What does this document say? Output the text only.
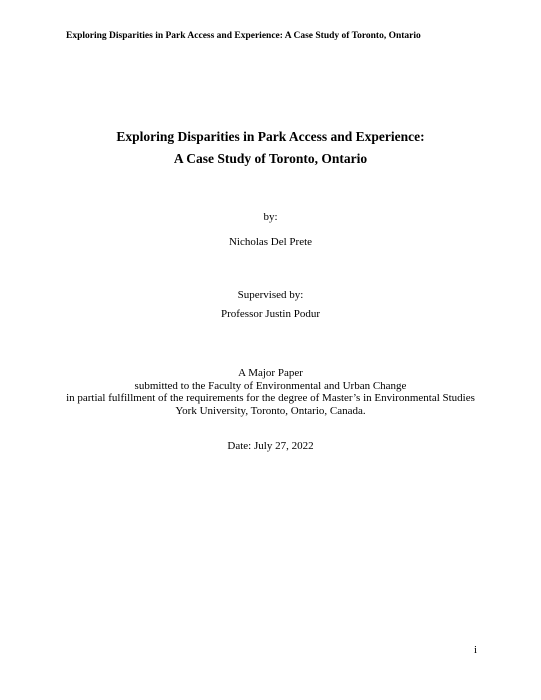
Exploring Disparities in Park Access and Experience: A Case Study of Toronto, Ontario
Exploring Disparities in Park Access and Experience:
A Case Study of Toronto, Ontario
by:
Nicholas Del Prete
Supervised by:
Professor Justin Podur
A Major Paper
submitted to the Faculty of Environmental and Urban Change
in partial fulfillment of the requirements for the degree of Master’s in Environmental Studies
York University, Toronto, Ontario, Canada.
Date: July 27, 2022
i
